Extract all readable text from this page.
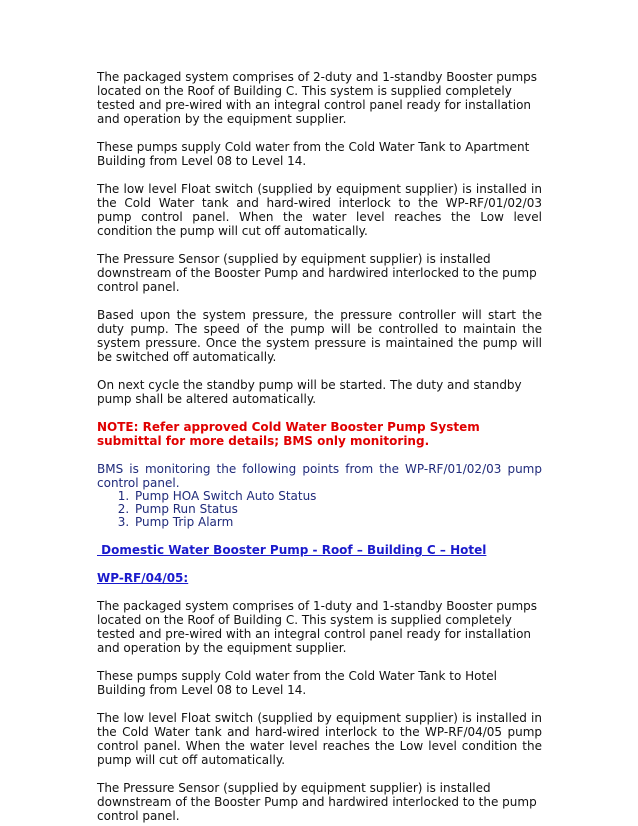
The packaged system comprises of 2-duty and 1-standby Booster pumps located on the Roof of Building C. This system is supplied completely tested and pre-wired with an integral control panel ready for installation and operation by the equipment supplier.

These pumps supply Cold water from the Cold Water Tank to Apartment Building from Level 08 to Level 14.

The low level Float switch (supplied by equipment supplier) is installed in the Cold Water tank and hard-wired interlock to the WP-RF/01/02/03 pump control panel. When the water level reaches the Low level condition the pump will cut off automatically.

The Pressure Sensor (supplied by equipment supplier) is installed downstream of the Booster Pump and hardwired interlocked to the pump control panel.

Based upon the system pressure, the pressure controller will start the duty pump. The speed of the pump will be controlled to maintain the system pressure. Once the system pressure is maintained the pump will be switched off automatically.

On next cycle the standby pump will be started. The duty and standby pump shall be altered automatically.

NOTE: Refer approved Cold Water Booster Pump System submittal for more details; BMS only monitoring.

BMS is monitoring the following points from the WP-RF/01/02/03 pump control panel.

1. Pump HOA Switch Auto Status
2. Pump Run Status
3. Pump Trip Alarm

Domestic Water Booster Pump - Roof – Building C – Hotel

WP-RF/04/05:

The packaged system comprises of 1-duty and 1-standby Booster pumps located on the Roof of Building C. This system is supplied completely tested and pre-wired with an integral control panel ready for installation and operation by the equipment supplier.

These pumps supply Cold water from the Cold Water Tank to Hotel Building from Level 08 to Level 14.

The low level Float switch (supplied by equipment supplier) is installed in the Cold Water tank and hard-wired interlock to the WP-RF/04/05 pump control panel. When the water level reaches the Low level condition the pump will cut off automatically.

The Pressure Sensor (supplied by equipment supplier) is installed downstream of the Booster Pump and hardwired interlocked to the pump control panel.
